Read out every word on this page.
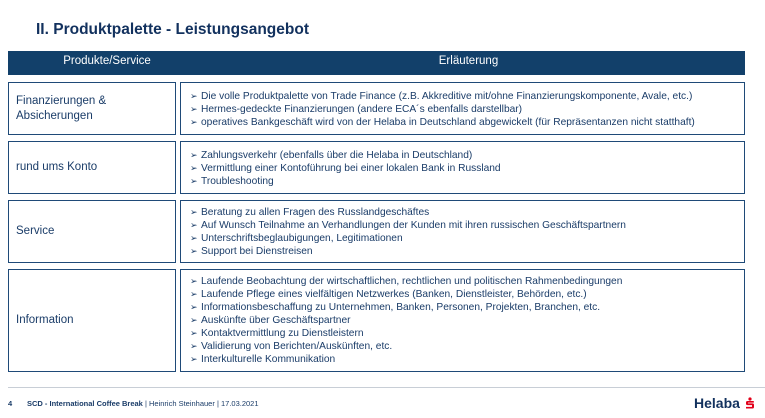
II. Produktpalette - Leistungsangebot
Produkte/Service	Erläuterung
Finanzierungen & Absicherungen
➢ Die volle Produktpalette von Trade Finance (z.B. Akkreditive mit/ohne Finanzierungskomponente, Avale, etc.)
➢ Hermes-gedeckte Finanzierungen (andere ECA´s ebenfalls darstellbar)
➢ operatives Bankgeschäft wird von der Helaba in Deutschland abgewickelt (für Repräsentanzen nicht statthaft)
rund ums Konto
➢ Zahlungsverkehr (ebenfalls über die Helaba in Deutschland)
➢ Vermittlung einer Kontoführung bei einer lokalen Bank in Russland
➢ Troubleshooting
Service
➢ Beratung zu allen Fragen des Russlandgeschäftes
➢ Auf Wunsch Teilnahme an Verhandlungen der Kunden mit ihren russischen Geschäftspartnern
➢ Unterschriftsbeglaubigungen, Legitimationen
➢ Support bei Dienstreisen
Information
➢ Laufende Beobachtung der wirtschaftlichen, rechtlichen und politischen Rahmenbedingungen
➢ Laufende Pflege eines vielfältigen Netzwerkes (Banken, Dienstleister, Behörden, etc.)
➢ Informationsbeschaffung zu Unternehmen, Banken, Personen, Projekten, Branchen, etc.
➢ Auskünfte über Geschäftspartner
➢ Kontaktvermittlung zu Dienstleistern
➢ Validierung von Berichten/Auskünften, etc.
➢ Interkulturelle Kommunikation
4 SCD - International Coffee Break | Heinrich Steinhauer | 17.03.2021	Helaba
